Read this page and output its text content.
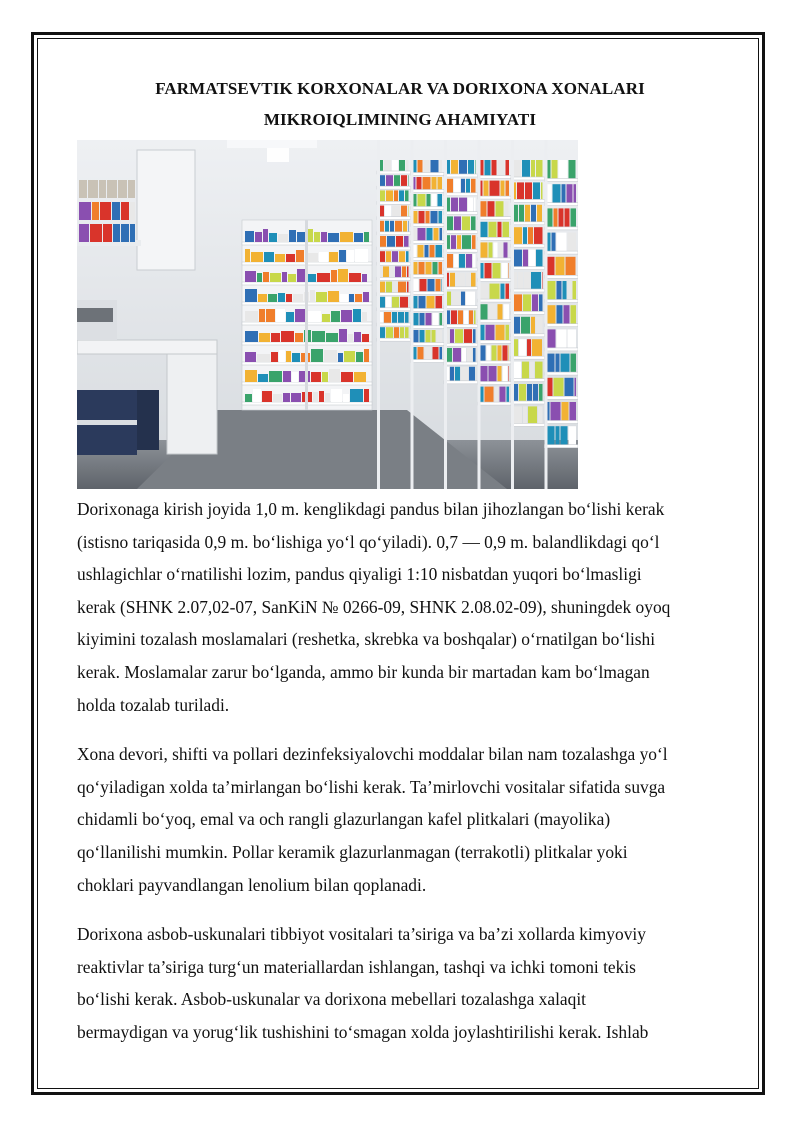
FARMATSEVTIK KORXONALAR VA DORIXONA XONALARI
MIKROIQLIMINING AHAMIYATI

Dorixonaga kirish joyida 1,0 m. kenglikdagi pandus bilan jihozlangan bo‘lishi kerak
(istisno tariqasida 0,9 m. bo‘lishiga yo‘l qo‘yiladi). 0,7 — 0,9 m. balandlikdagi qo‘l
ushlagichlar o‘rnatilishi lozim, pandus qiyaligi 1:10 nisbatdan yuqori bo‘lmasligi
kerak (SHNK 2.07,02-07, SanKiN № 0266-09, SHNK 2.08.02-09), shuningdek oyoq
kiyimini tozalash moslamalari (reshetka, skrebka va boshqalar) o‘rnatilgan bo‘lishi
kerak. Moslamalar zarur bo‘lganda, ammo bir kunda bir martadan kam bo‘lmagan
holda tozalab turiladi.

Xona devori, shifti va pollari dezinfeksiyalovchi moddalar bilan nam tozalashga yo‘l
qo‘yiladigan xolda ta’mirlangan bo‘lishi kerak. Ta’mirlovchi vositalar sifatida suvga
chidamli bo‘yoq, emal va och rangli glazurlangan kafel plitkalari (mayolika)
qo‘llanilishi mumkin. Pollar keramik glazurlanmagan (terrakotli) plitkalar yoki
choklari payvandlangan lenolium bilan qoplanadi.

Dorixona asbob-uskunalari tibbiyot vositalari ta’siriga va ba’zi xollarda kimyoviy
reaktivlar ta’siriga turg‘un materiallardan ishlangan, tashqi va ichki tomoni tekis
bo‘lishi kerak. Asbob-uskunalar va dorixona mebellari tozalashga xalaqit
bermaydigan va yorug‘lik tushishini to‘smagan xolda joylashtirilishi kerak. Ishlab
